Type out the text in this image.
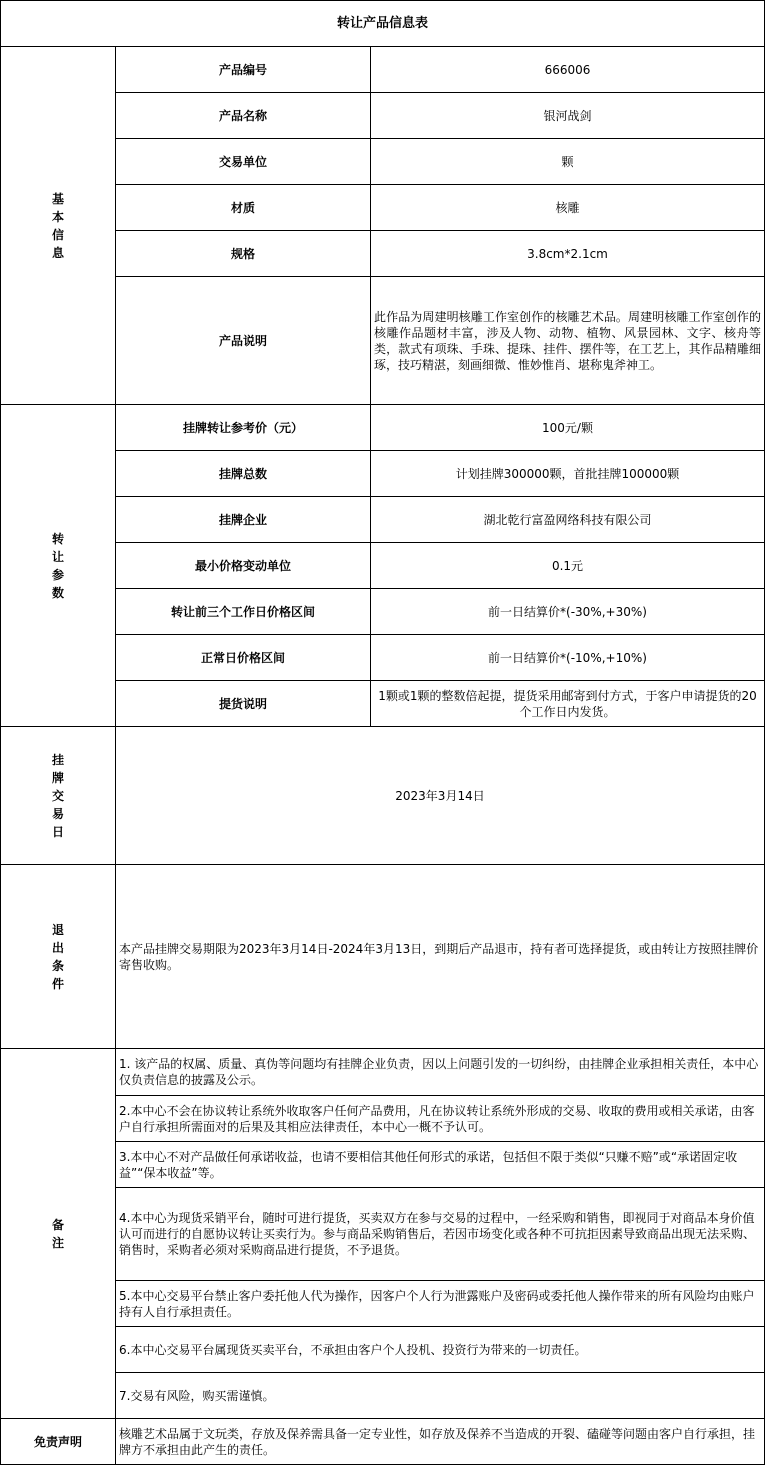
转让产品信息表		
基本信息	产品编号	666006
	产品名称	银河战剑
	交易单位	颗
	材质	核雕
	规格	3.8cm*2.1cm
	产品说明	此作品为周建明核雕工作室创作的核雕艺术品。周建明核雕工作室创作的核雕作品题材丰富，涉及人物、动物、植物、风景园林、文字、核舟等类，款式有项珠、手珠、提珠、挂件、摆件等，在工艺上，其作品精雕细琢，技巧精湛，刻画细微、惟妙惟肖、堪称鬼斧神工。
转让参数	挂牌转让参考价（元）	100元/颗
	挂牌总数	计划挂牌300000颗，首批挂牌100000颗
	挂牌企业	湖北乾行富盈网络科技有限公司
	最小价格变动单位	0.1元
	转让前三个工作日价格区间	前一日结算价*(-30%,+30%)
	正常日价格区间	前一日结算价*(-10%,+10%)
	提货说明	1颗或1颗的整数倍起提，提货采用邮寄到付方式，于客户申请提货的20个工作日内发货。
挂牌交易日	2023年3月14日	
退出条件	本产品挂牌交易期限为2023年3月14日-2024年3月13日，到期后产品退市，持有者可选择提货，或由转让方按照挂牌价寄售收购。	
备注	1. 该产品的权属、质量、真伪等问题均有挂牌企业负责，因以上问题引发的一切纠纷，由挂牌企业承担相关责任，本中心仅负责信息的披露及公示。	
	2.本中心不会在协议转让系统外收取客户任何产品费用，凡在协议转让系统外形成的交易、收取的费用或相关承诺，由客户自行承担所需面对的后果及其相应法律责任，本中心一概不予认可。	
	3.本中心不对产品做任何承诺收益，也请不要相信其他任何形式的承诺，包括但不限于类似“只赚不赔”或“承诺固定收益”“保本收益”等。	
	4.本中心为现货采销平台，随时可进行提货，买卖双方在参与交易的过程中，一经采购和销售，即视同于对商品本身价值认可而进行的自愿协议转让买卖行为。参与商品采购销售后，若因市场变化或各种不可抗拒因素导致商品出现无法采购、销售时，采购者必须对采购商品进行提货，不予退货。	
	5.本中心交易平台禁止客户委托他人代为操作，因客户个人行为泄露账户及密码或委托他人操作带来的所有风险均由账户持有人自行承担责任。	
	6.本中心交易平台属现货买卖平台，不承担由客户个人投机、投资行为带来的一切责任。	
	7.交易有风险，购买需谨慎。	
免责声明	核雕艺术品属于文玩类，存放及保养需具备一定专业性，如存放及保养不当造成的开裂、磕碰等问题由客户自行承担，挂牌方不承担由此产生的责任。	
